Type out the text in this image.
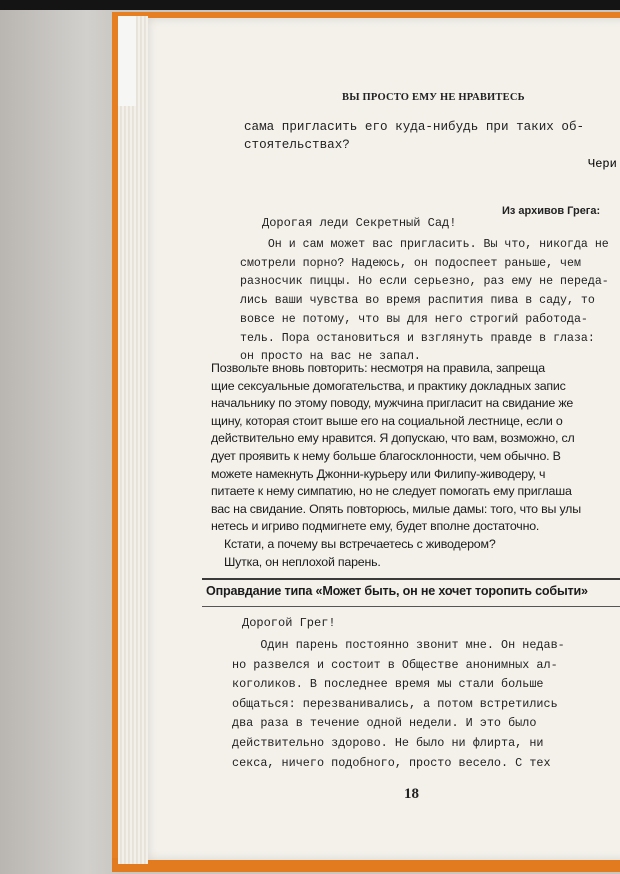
ВЫ ПРОСТО ЕМУ НЕ НРАВИТЕСЬ
сама пригласить его куда-нибудь при таких об-
стоятельствах?
Чери
Из архивов Грега:
Дорогая леди Секретный Сад!

Он и сам может вас пригласить. Вы что, никогда не

смотрели порно? Надеюсь, он подоспеет раньше, чем

разносчик пиццы. Но если серьезно, раз ему не переда-

лись ваши чувства во время распития пива в саду, то

вовсе не потому, что вы для него строгий работода-

тель. Пора остановиться и взглянуть правде в глаза:

он просто на вас не запал.

Позвольте вновь повторить: несмотря на правила, запреща

щие сексуальные домогательства, и практику докладных запис

начальнику по этому поводу, мужчина пригласит на свидание же

щину, которая стоит выше его на социальной лестнице, если о

действительно ему нравится. Я допускаю, что вам, возможно, сл

дует проявить к нему больше благосклонности, чем обычно. В

можете намекнуть Джонни-курьеру или Филипу-живодеру, ч

питаете к нему симпатию, но не следует помогать ему приглаша

вас на свидание. Опять повторюсь, милые дамы: того, что вы улы

нетесь и игриво подмигнете ему, будет вполне достаточно.

Кстати, а почему вы встречаетесь с живодером?

Шутка, он неплохой парень.

Оправдание типа «Может быть, он не хочет торопить событи»
Дорогой Грег!

Один парень постоянно звонит мне. Он недав-

но развелся и состоит в Обществе анонимных ал-

коголиков. В последнее время мы стали больше

общаться: перезванивались, а потом встретились

два раза в течение одной недели. И это было

действительно здорово. Не было ни флирта, ни

секса, ничего подобного, просто весело. С тех

18
